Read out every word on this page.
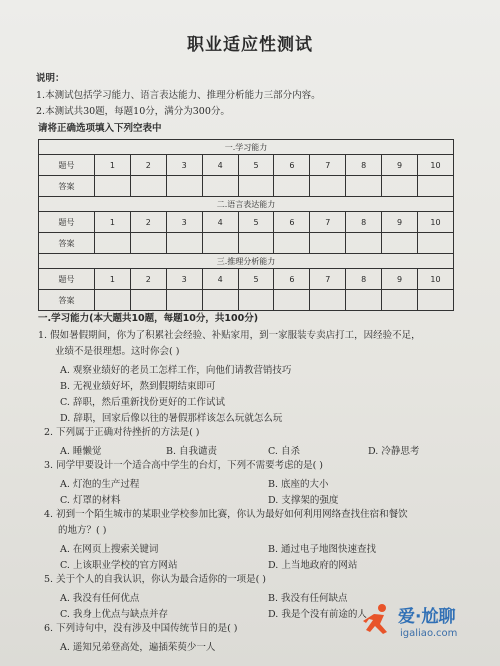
职业适应性测试
说明：
1.本测试包括学习能力、语言表达能力、推理分析能力三部分内容。
2.本测试共30题，每题10分，满分为300分。
请将正确选项填入下列空表中
一.学习能力										
题号	1	2	3	4	5	6	7	8	9	10
答案										
二.语言表达能力										
题号	1	2	3	4	5	6	7	8	9	10
答案										
三.推理分析能力										
题号	1	2	3	4	5	6	7	8	9	10
答案										
一.学习能力(本大题共10题，每题10分，共100分)
1. 假如暑假期间，你为了积累社会经验、补贴家用，到一家服装专卖店打工，因经验不足，
业绩不是很理想。这时你会( )
A. 观察业绩好的老员工怎样工作，向他们请教营销技巧
B. 无视业绩好坏，熬到假期结束即可
C. 辞职，然后重新找份更好的工作试试
D. 辞职，回家后像以往的暑假那样该怎么玩就怎么玩
2. 下列属于正确对待挫折的方法是( )
A. 睡懒觉	B. 自我谴责	C. 自杀	D. 冷静思考
3. 同学甲要设计一个适合高中学生的台灯，下列不需要考虑的是( )
A. 灯泡的生产过程	B. 底座的大小
C. 灯罩的材料	D. 支撑架的强度
4. 初到一个陌生城市的某职业学校参加比赛，你认为最好如何利用网络查找住宿和餐饮
的地方？( )
A. 在网页上搜索关键词	B. 通过电子地图快速查找
C. 上该职业学校的官方网站	D. 上当地政府的网站
5. 关于个人的自我认识，你认为最合适你的一项是( )
A. 我没有任何优点	B. 我没有任何缺点
C. 我身上优点与缺点并存	D. 我是个没有前途的人
6. 下列诗句中，没有涉及中国传统节日的是( )
A. 遥知兄弟登高处，遍插茱萸少一人
爱·尬聊
igaliao.com
